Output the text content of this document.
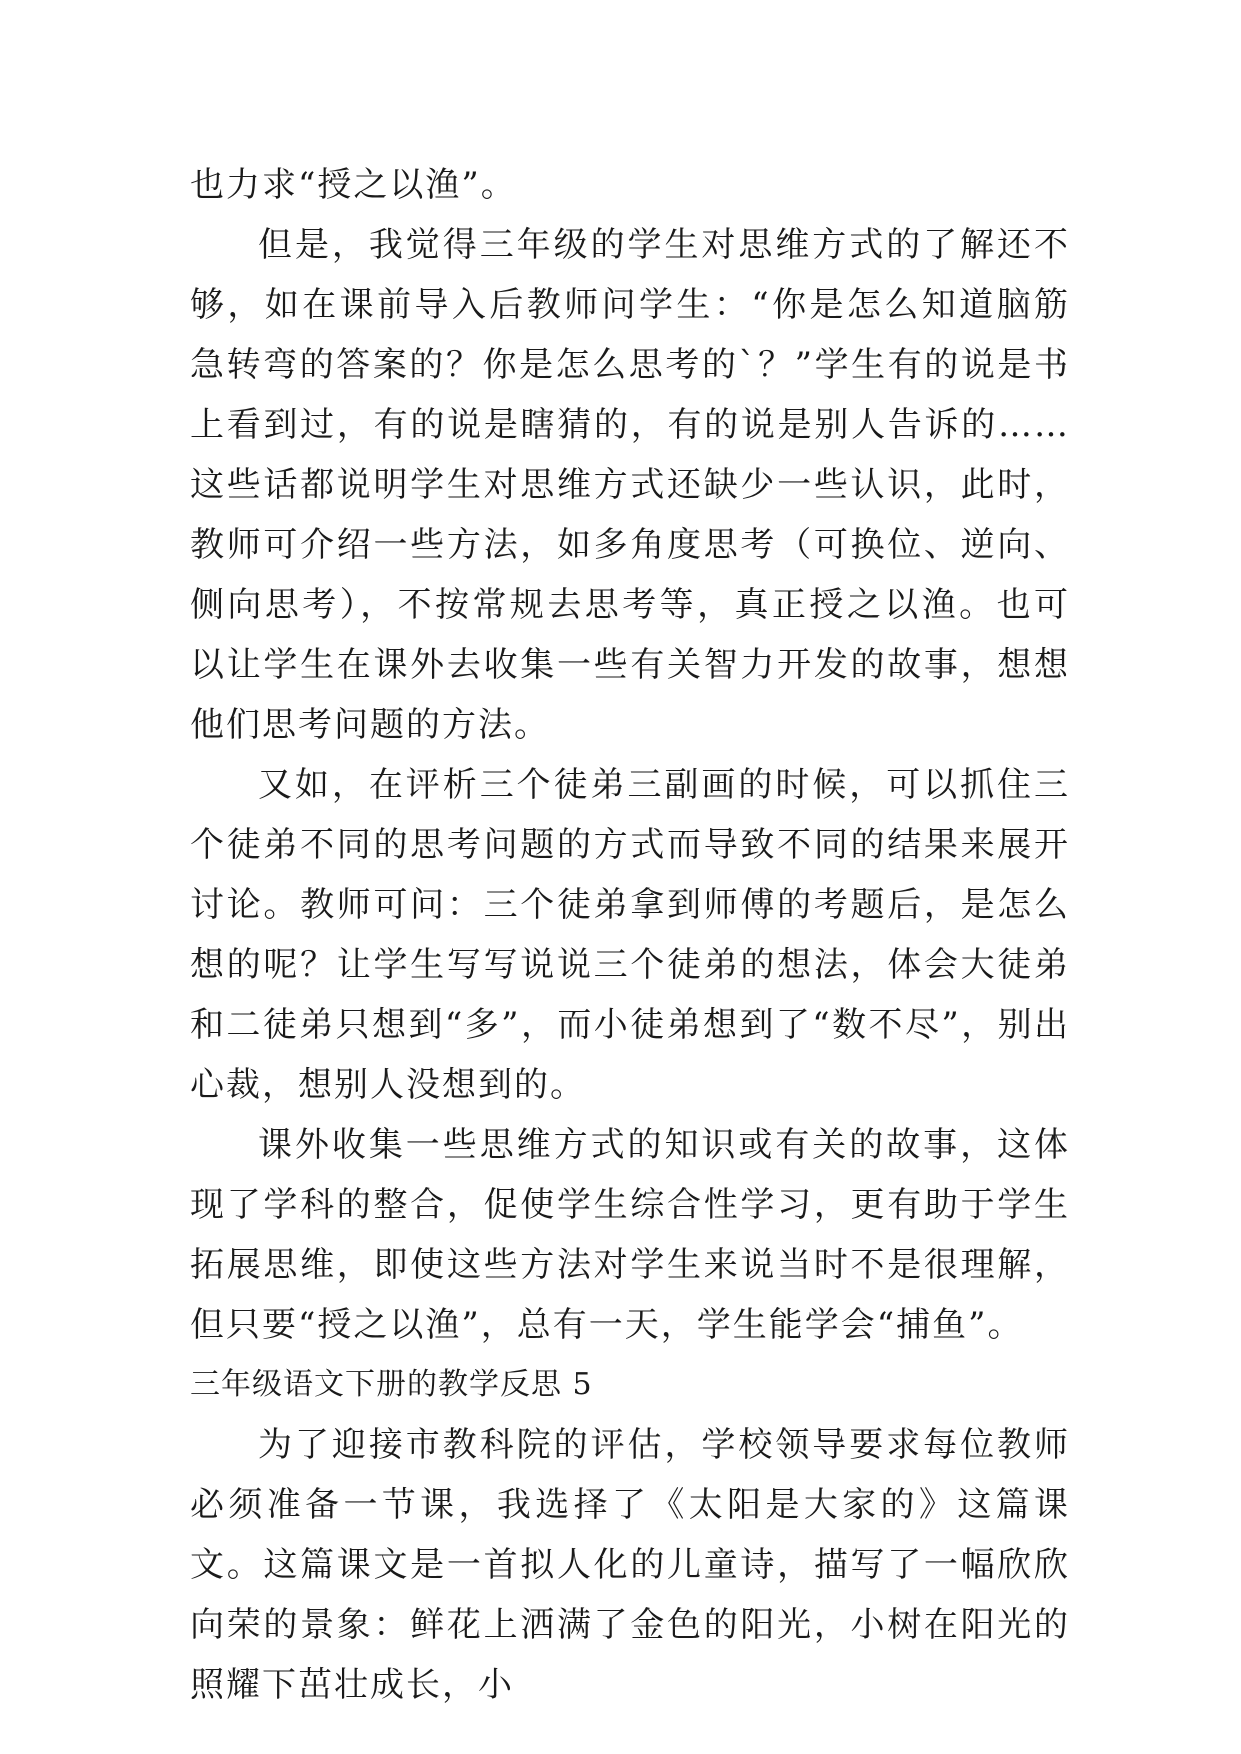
也力求“授之以渔”。

但是，我觉得三年级的学生对思维方式的了解还不够，如在课前导入后教师问学生：“你是怎么知道脑筋急转弯的答案的？你是怎么思考的`？”学生有的说是书上看到过，有的说是瞎猜的，有的说是别人告诉的……这些话都说明学生对思维方式还缺少一些认识，此时，教师可介绍一些方法，如多角度思考（可换位、逆向、侧向思考），不按常规去思考等，真正授之以渔。也可以让学生在课外去收集一些有关智力开发的故事，想想他们思考问题的方法。

又如，在评析三个徒弟三副画的时候，可以抓住三个徒弟不同的思考问题的方式而导致不同的结果来展开讨论。教师可问：三个徒弟拿到师傅的考题后，是怎么想的呢？让学生写写说说三个徒弟的想法，体会大徒弟和二徒弟只想到“多”，而小徒弟想到了“数不尽”，别出心裁，想别人没想到的。

课外收集一些思维方式的知识或有关的故事，这体现了学科的整合，促使学生综合性学习，更有助于学生拓展思维，即使这些方法对学生来说当时不是很理解，但只要“授之以渔”，总有一天，学生能学会“捕鱼”。

三年级语文下册的教学反思 5

为了迎接市教科院的评估，学校领导要求每位教师必须准备一节课，我选择了《太阳是大家的》这篇课文。这篇课文是一首拟人化的儿童诗，描写了一幅欣欣向荣的景象：鲜花上洒满了金色的阳光，小树在阳光的照耀下茁壮成长，小
